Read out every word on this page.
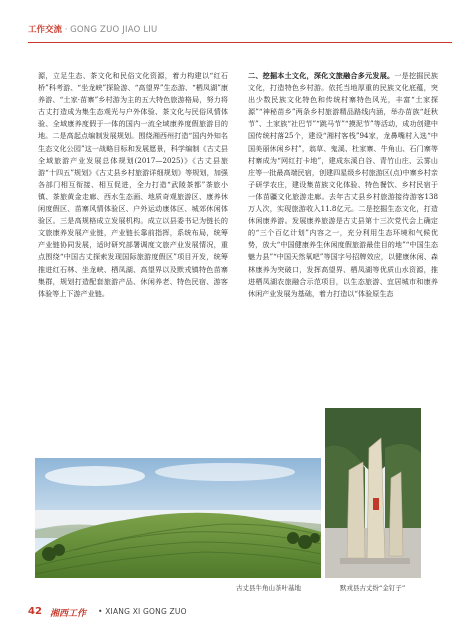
工作交流 · GONG ZUO JIAO LIU

源，立足生态、茶文化和民俗文化资源，着力构建以“红石桥”科考游、“坐龙峡”探险游、“高望界”生态游、“栖凤湖”康养游、“土家·苗寨”乡村游为主的五大特色旅游格局，努力将古丈打造成为集生态观光与户外体验、茶文化与民俗风情体验、全域康养度假于一体的国内一流全域康养度假旅游目的地。二是高起点编制发展规划。围绕湘西州打造“国内外知名生态文化公园”这一战略目标和发展愿景，科学编制《古丈县全域旅游产业发展总体规划(2017—2025)》《古丈县旅游“十四五”规划》《古丈县乡村旅游详细规划》等规划，加强各部门相互衔接、相互促进，全力打造“武陵茶都”茶旅小镇、茶旅黄金走廊、西水生态画、地质奇观旅游区、康养休闲度假区、苗寨风情体验区、户外运动康体区、城郊休闲体验区。三是高规格成立发展机构。成立以县委书记为链长的文旅康养发展产业链，产业链长靠前指挥，系统布局，统筹产业链协同发展，适时研究部署调度文旅产业发展情况，重点围绕“中国古丈探索发现国际旅游度假区”项目开发，统筹推进红石林、坐龙峡、栖凤湖、高望界以及默戎镇特色苗寨集群，规划打造配套旅游产品、休闲养老、特色民宿、游客体验等上下游产业链。

二、挖掘本土文化，深化文旅融合多元发展。一是挖掘民族文化，打造特色乡村游。依托当地厚重的民族文化底蕴，突出少数民族文化特色和传统村寨特色风光，丰富“土家探源”“神秘苗乡”两条乡村旅游精品路线内涵，举办苗族“赶秋节”、土家族“社巴节”“跳马节”“摸泥节”等活动，成功创建中国传统村落25个，建设“湘村客栈”94家，龙鼻嘴村入选“中国美丽休闲乡村”，翁草、鬼溪、杜家寨、牛角山、石门寨等村寨成为“网红打卡地”，建成东溪白谷、青竹山庄、云雾山庄等一批最高端民宿，创建四星级乡村旅游区(点)中寨乡村亲子研学农庄，建设集苗族文化体验、特色餐饮、乡村民宿于一体苗疆文化旅游走廊。去年古丈县乡村旅游接待游客138万人次，实现旅游收入11.8亿元。二是挖掘生态文化，打造休闲康养游。发展康养旅游是古丈县第十三次党代会上确定的“三个百亿计划”内容之一，充分利用生态环境和气候优势，放大“中国健康养生休闲度假旅游最佳目的地”“中国生态魅力县”“中国天然氧吧”等国字号招牌效应，以健康休闲、森林康养为突破口，发挥高望界、栖凤湖等优质山水资源，推进栖凤湖农旅融合示范项目，以生态旅游、宜居城市和康养休闲产业发展为基础，着力打造以“体验原生态

古丈县牛角山茶叶基地	默戎县古丈纷“金钉子”
42 湘西工作 • XIANG XI GONG ZUO
